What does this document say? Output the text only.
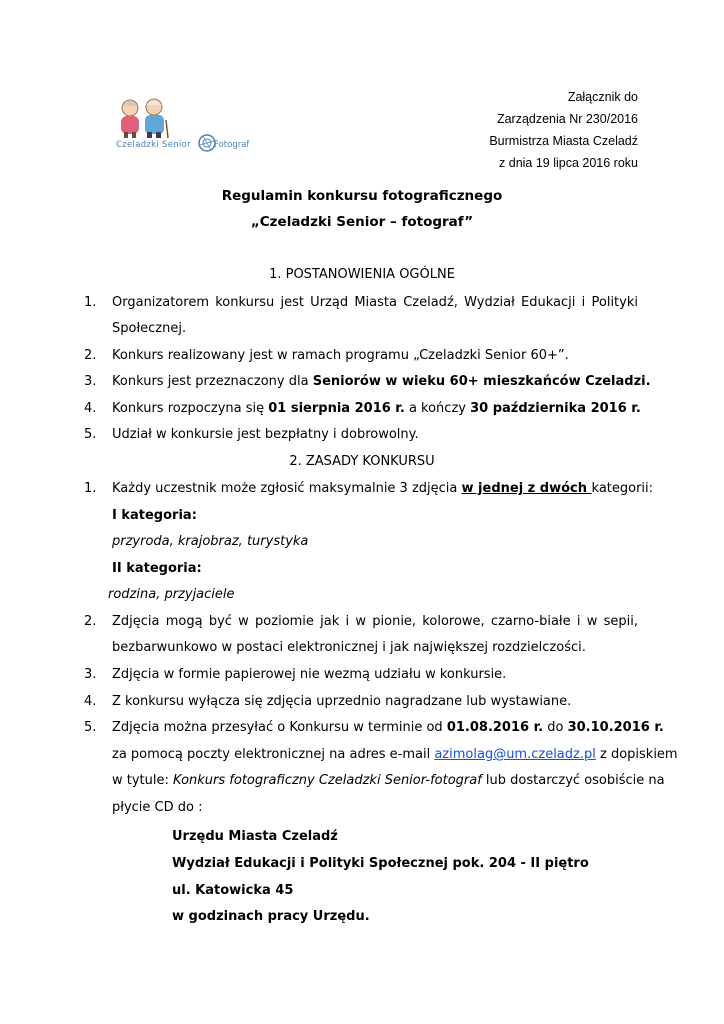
Czeladzki Senior	Fotograf
Załącznik do
Zarządzenia Nr 230/2016
Burmistrza Miasta Czeladź
z dnia 19 lipca 2016 roku
Regulamin konkursu fotograficznego
„Czeladzki Senior – fotograf”
1. POSTANOWIENIA OGÓLNE
1. Organizatorem konkursu jest Urząd Miasta Czeladź, Wydział Edukacji i Polityki
Społecznej.
2. Konkurs realizowany jest w ramach programu „Czeladzki Senior 60+”.
3. Konkurs jest przeznaczony dla Seniorów w wieku 60+ mieszkańców Czeladzi.
4. Konkurs rozpoczyna się 01 sierpnia 2016 r. a kończy 30 października 2016 r.
5. Udział w konkursie jest bezpłatny i dobrowolny.
2. ZASADY KONKURSU
1. Każdy uczestnik może zgłosić maksymalnie 3 zdjęcia w jednej z dwóch kategorii:
I kategoria:
przyroda, krajobraz, turystyka
II kategoria:
rodzina, przyjaciele
2. Zdjęcia mogą być w poziomie jak i w pionie, kolorowe, czarno-białe i w sepii,
bezbarwunkowo w postaci elektronicznej i jak największej rozdzielczości.
3. Zdjęcia w formie papierowej nie wezmą udziału w konkursie.
4. Z konkursu wyłącza się zdjęcia uprzednio nagradzane lub wystawiane.
5. Zdjęcia można przesyłać o Konkursu w terminie od 01.08.2016 r. do 30.10.2016 r.
za pomocą poczty elektronicznej na adres e-mail azimolag@um.czeladz.pl z dopiskiem
w tytule: Konkurs fotograficzny Czeladzki Senior-fotograf lub dostarczyć osobiście na
płycie CD do :
Urzędu Miasta Czeladź
Wydział Edukacji i Polityki Społecznej pok. 204 - II piętro
ul. Katowicka 45
w godzinach pracy Urzędu.
